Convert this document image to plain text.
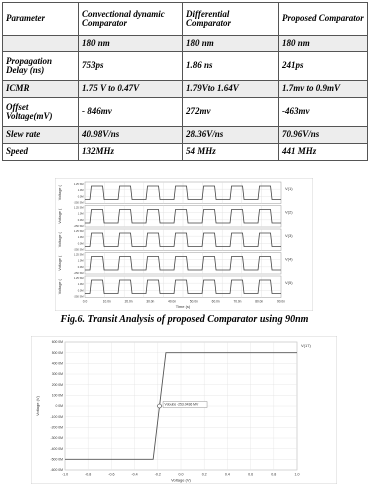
Parameter	Convectional dynamic Comparator	Differential Comparator	Proposed Comparator
	180 nm	180 nm	180 nm
Propagation Delay (ns)	753ps	1.86 ns	241ps
ICMR	1.75 V to 0.47V	1.79Vto 1.64V	1.7mv to 0.9mV
Offset Voltage(mV)	- 846mv	272mv	-463mv
Slew rate	40.98V/ns	28.36V/ns	70.96V/ns
Speed	132MHz	54 MHz	441 MHz
1.25 SM
1.0M
0.0M
-250 SM
Voltage (	V(1)
1.25 SM
1.0M
0.0M
-250 SM
Voltage (	V(2)
1.25 SM
1.0M
0.0M
-250 SM
Voltage (	V(3)
1.25 SM
1.0M
0.0M
-250 SM
Voltage (	V(4)
1.25 SM
1.0M
0.0M
-250 SM
Voltage (	V(5)
0.0	10.0n	20.0n	30.0n	40.0n	50.0n	60.0n	70.0n	80.0n	90.0n
Time (s)
Fig.6. Transit Analysis of proposed Comparator using 90nm
-1.0	-0.8	-0.6	-0.4	-0.2	0.0	0.2	0.4	0.6	0.8	1.0
600 0M
500 0M
400 0M
300 0M
200 0M
100 0M
0 0M
-100 0M
-200 0M
-300 0M
-400 0M
-500 0M
-600 0M
Voltage (V)
Voltage (V)
Vdoubs -253.0436 MV
V(17)
